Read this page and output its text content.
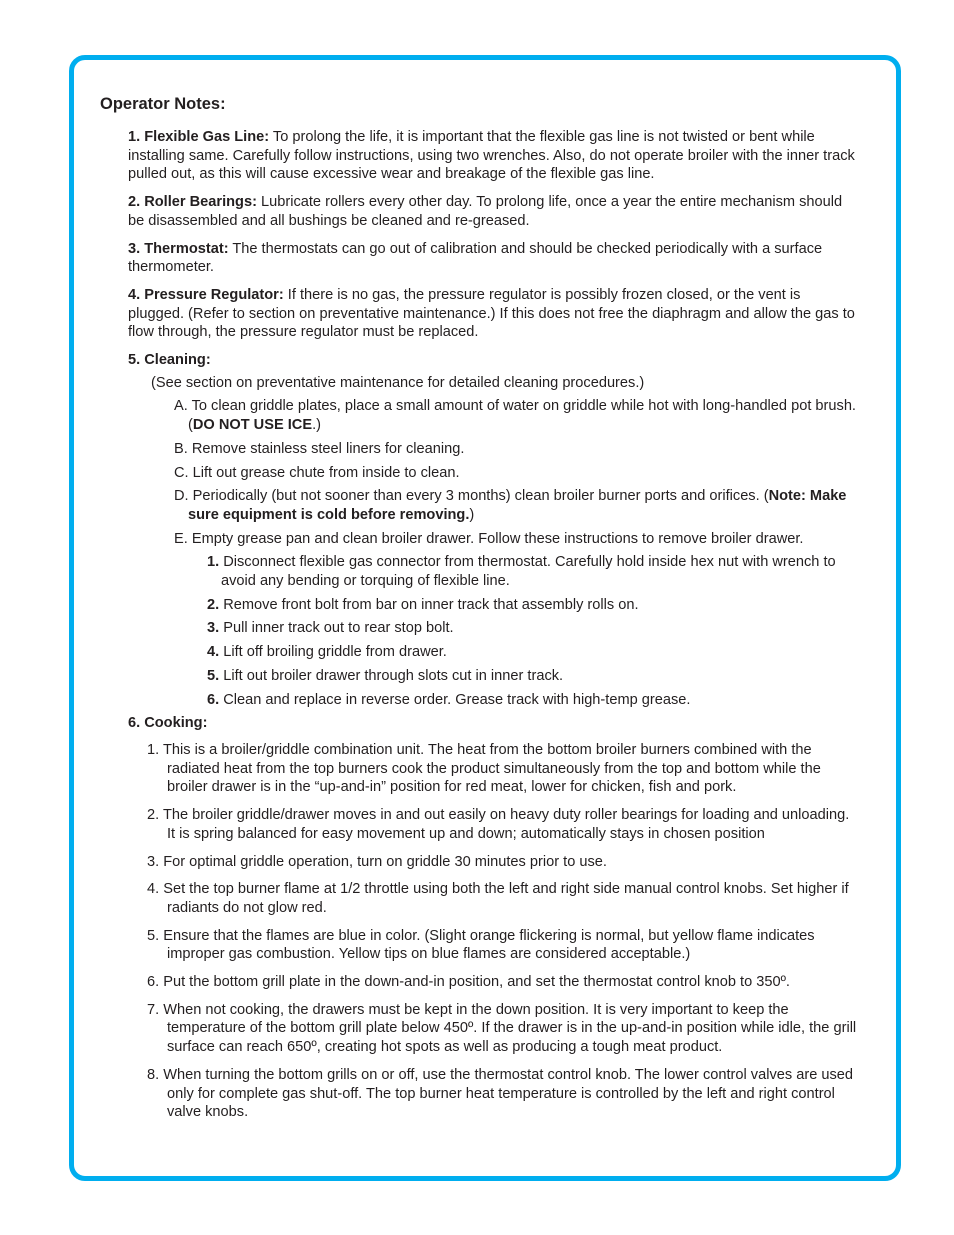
Operator Notes:

1. Flexible Gas Line: To prolong the life, it is important that the flexible gas line is not twisted or bent while installing same. Carefully follow instructions, using two wrenches. Also, do not operate broiler with the inner track pulled out, as this will cause excessive wear and breakage of the flexible gas line.

2. Roller Bearings: Lubricate rollers every other day. To prolong life, once a year the entire mechanism should be disassembled and all bushings be cleaned and re-greased.

3. Thermostat: The thermostats can go out of calibration and should be checked periodically with a surface thermometer.

4. Pressure Regulator: If there is no gas, the pressure regulator is possibly frozen closed, or the vent is plugged. (Refer to section on preventative maintenance.) If this does not free the diaphragm and allow the gas to flow through, the pressure regulator must be replaced.

5. Cleaning:

(See section on preventative maintenance for detailed cleaning procedures.)

A. To clean griddle plates, place a small amount of water on griddle while hot with long-handled pot brush. (DO NOT USE ICE.)

B. Remove stainless steel liners for cleaning.

C. Lift out grease chute from inside to clean.

D. Periodically (but not sooner than every 3 months) clean broiler burner ports and orifices. (Note: Make sure equipment is cold before removing.)

E. Empty grease pan and clean broiler drawer. Follow these instructions to remove broiler drawer.

1. Disconnect flexible gas connector from thermostat. Carefully hold inside hex nut with wrench to avoid any bending or torquing of flexible line.

2. Remove front bolt from bar on inner track that assembly rolls on.

3. Pull inner track out to rear stop bolt.

4. Lift off broiling griddle from drawer.

5. Lift out broiler drawer through slots cut in inner track.

6. Clean and replace in reverse order. Grease track with high-temp grease.

6. Cooking:

1. This is a broiler/griddle combination unit. The heat from the bottom broiler burners combined with the radiated heat from the top burners cook the product simultaneously from the top and bottom while the broiler drawer is in the “up-and-in” position for red meat, lower for chicken, fish and pork.

2. The broiler griddle/drawer moves in and out easily on heavy duty roller bearings for loading and unloading. It is spring balanced for easy movement up and down; automatically stays in chosen position

3. For optimal griddle operation, turn on griddle 30 minutes prior to use.

4. Set the top burner flame at 1/2 throttle using both the left and right side manual control knobs. Set higher if radiants do not glow red.

5. Ensure that the flames are blue in color. (Slight orange flickering is normal, but yellow flame indicates improper gas combustion. Yellow tips on blue flames are considered acceptable.)

6. Put the bottom grill plate in the down-and-in position, and set the thermostat control knob to 350º.

7. When not cooking, the drawers must be kept in the down position. It is very important to keep the temperature of the bottom grill plate below 450º. If the drawer is in the up-and-in position while idle, the grill surface can reach 650º, creating hot spots as well as producing a tough meat product.

8. When turning the bottom grills on or off, use the thermostat control knob. The lower control valves are used only for complete gas shut-off. The top burner heat temperature is controlled by the left and right control valve knobs.
